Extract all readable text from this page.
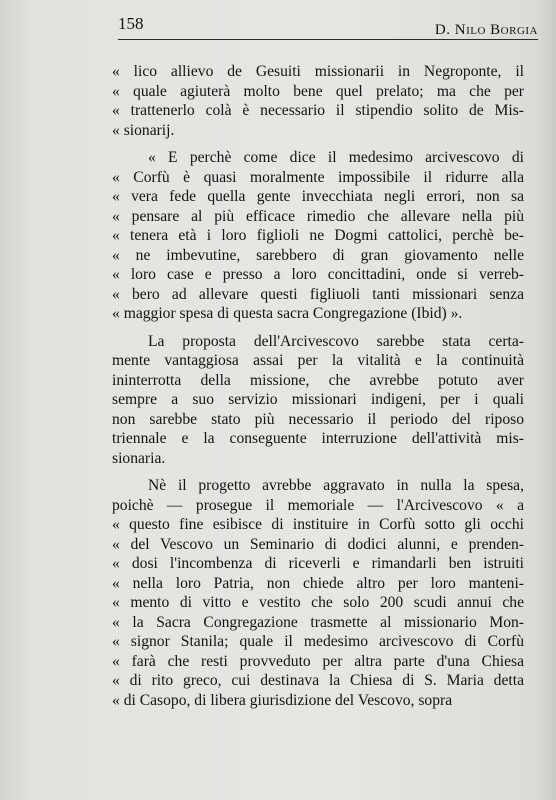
158	D. Nilo Borgia
« lico allievo de Gesuiti missionarii in Negroponte, il
« quale agiuterà molto bene quel prelato; ma che per
« trattenerlo colà è necessario il stipendio solito de Mis-
« sionarij.
« E perchè come dice il medesimo arcivescovo di
« Corfù è quasi moralmente impossibile il ridurre alla
« vera fede quella gente invecchiata negli errori, non sa
« pensare al più efficace rimedio che allevare nella più
« tenera età i loro figlioli ne Dogmi cattolici, perchè be-
« ne imbevutine, sarebbero di gran giovamento nelle
« loro case e presso a loro concittadini, onde si verreb-
« bero ad allevare questi figliuoli tanti missionari senza
« maggior spesa di questa sacra Congregazione (Ibid) ».
La proposta dell'Arcivescovo sarebbe stata certa-
mente vantaggiosa assai per la vitalità e la continuità
ininterrotta della missione, che avrebbe potuto aver
sempre a suo servizio missionari indigeni, per i quali
non sarebbe stato più necessario il periodo del riposo
triennale e la conseguente interruzione dell'attività mis-
sionaria.
Nè il progetto avrebbe aggravato in nulla la spesa,
poichè — prosegue il memoriale — l'Arcivescovo « a
« questo fine esibisce di instituire in Corfù sotto gli occhi
« del Vescovo un Seminario di dodici alunni, e prenden-
« dosi l'incombenza di riceverli e rimandarli ben istruiti
« nella loro Patria, non chiede altro per loro manteni-
« mento di vitto e vestito che solo 200 scudi annui che
« la Sacra Congregazione trasmette al missionario Mon-
« signor Stanila; quale il medesimo arcivescovo di Corfù
« farà che resti provveduto per altra parte d'una Chiesa
« di rito greco, cui destinava la Chiesa di S. Maria detta
« di Casopo, di libera giurisdizione del Vescovo, sopra
